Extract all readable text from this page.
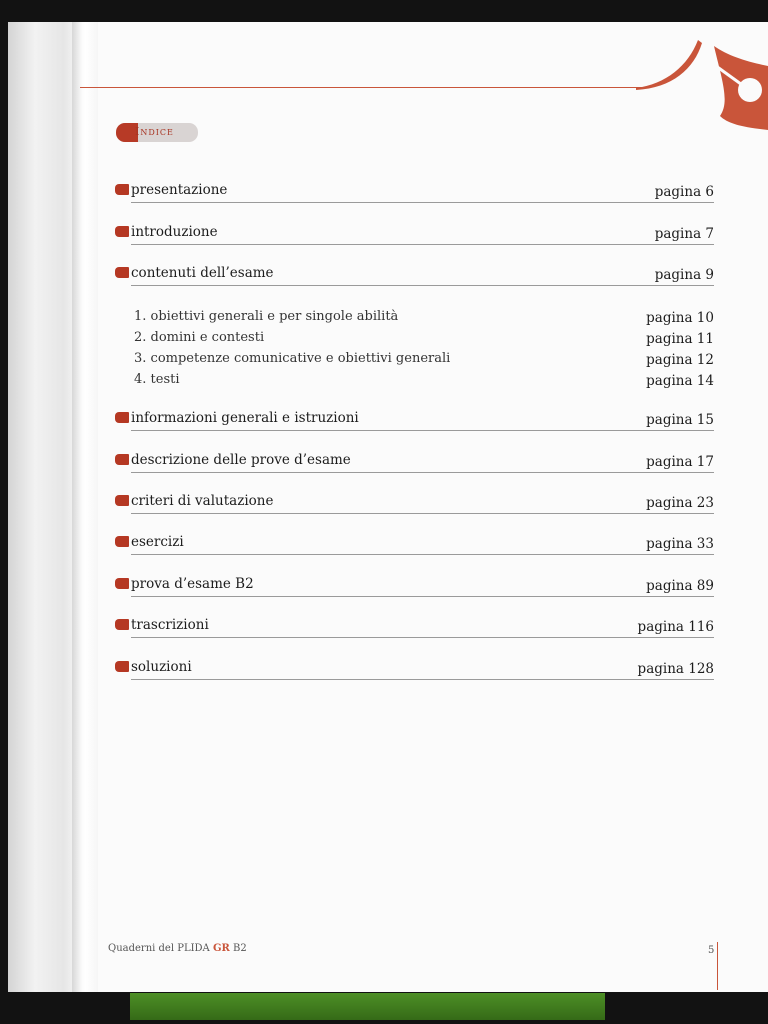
Indice
presentazione	pagina 6
introduzione	pagina 7
contenuti dell’esame	pagina 9
1. obiettivi generali e per singole abilità	pagina 10
2. domini e contesti	pagina 11
3. competenze comunicative e obiettivi generali	pagina 12
4. testi	pagina 14
informazioni generali e istruzioni	pagina 15
descrizione delle prove d’esame	pagina 17
criteri di valutazione	pagina 23
esercizi	pagina 33
prova d’esame B2	pagina 89
trascrizioni	pagina 116
soluzioni	pagina 128
Quaderni del PLIDA GR B2	5
